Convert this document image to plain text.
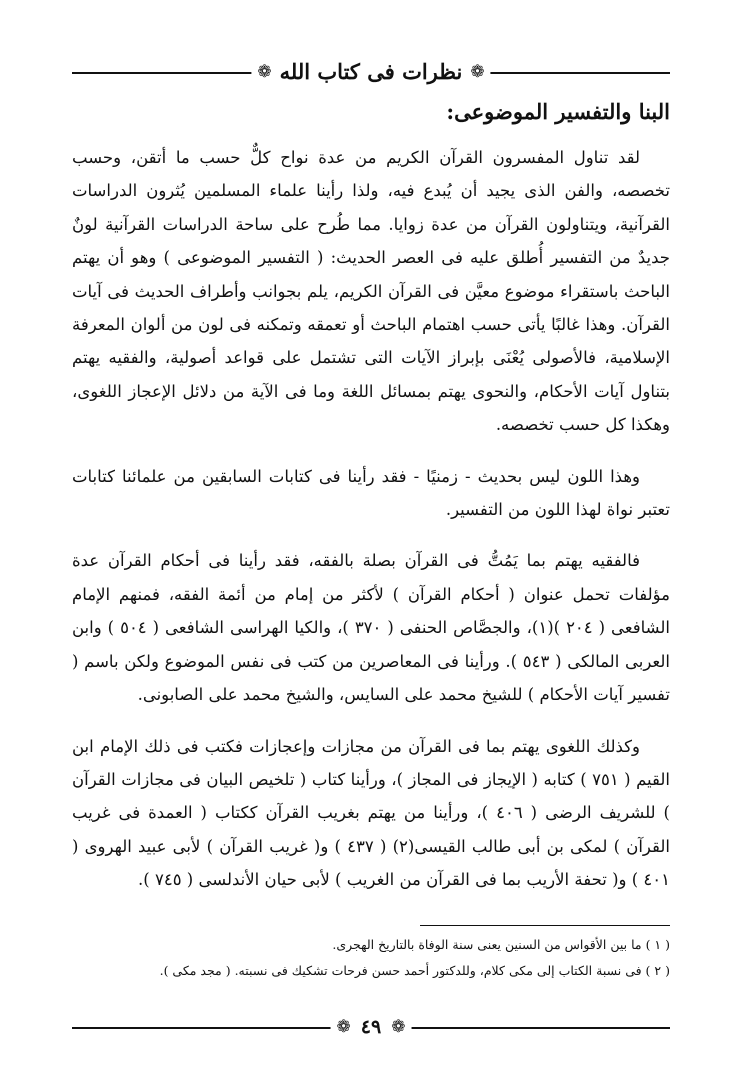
❁
نظرات فى كتاب الله
❁
البنا والتفسير الموضوعى:

لقد تناول المفسرون القرآن الكريم من عدة نواح كلٌّ حسب ما أتقن، وحسب تخصصه، والفن الذى يجيد أن يُبدع فيه، ولذا رأينا علماء المسلمين يُثرون الدراسات القرآنية، ويتناولون القرآن من عدة زوايا. مما طُرح على ساحة الدراسات القرآنية لونٌ جديدٌ من التفسير أُطلق عليه فى العصر الحديث: ( التفسير الموضوعى ) وهو أن يهتم الباحث باستقراء موضوع معيَّن فى القرآن الكريم، يلم بجوانب وأطراف الحديث فى آيات القرآن. وهذا غالبًا يأتى حسب اهتمام الباحث أو تعمقه وتمكنه فى لون من ألوان المعرفة الإسلامية، فالأصولى يُعْنَى بإبراز الآيات التى تشتمل على قواعد أصولية، والفقيه يهتم بتناول آيات الأحكام، والنحوى يهتم بمسائل اللغة وما فى الآية من دلائل الإعجاز اللغوى، وهكذا كل حسب تخصصه.

وهذا اللون ليس بحديث - زمنيًا - فقد رأينا فى كتابات السابقين من علمائنا كتابات تعتبر نواة لهذا اللون من التفسير.

فالفقيه يهتم بما يَمُتُّ فى القرآن بصلة بالفقه، فقد رأينا فى أحكام القرآن عدة مؤلفات تحمل عنوان ( أحكام القرآن ) لأكثر من إمام من أئمة الفقه، فمنهم الإمام الشافعى ( ٢٠٤ )(١)، والجصَّاص الحنفى ( ٣٧٠ )، والكيا الهراسى الشافعى ( ٥٠٤ ) وابن العربى المالكى ( ٥٤٣ ). ورأينا فى المعاصرين من كتب فى نفس الموضوع ولكن باسم ( تفسير آيات الأحكام ) للشيخ محمد على السايس، والشيخ محمد على الصابونى.

وكذلك اللغوى يهتم بما فى القرآن من مجازات وإعجازات فكتب فى ذلك الإمام ابن القيم ( ٧٥١ ) كتابه ( الإيجاز فى المجاز )، ورأينا كتاب ( تلخيص البيان فى مجازات القرآن ) للشريف الرضى ( ٤٠٦ )، ورأينا من يهتم بغريب القرآن ككتاب ( العمدة فى غريب القرآن ) لمكى بن أبى طالب القيسى(٢) ( ٤٣٧ ) و( غريب القرآن ) لأبى عبيد الهروى ( ٤٠١ ) و( تحفة الأريب بما فى القرآن من الغريب ) لأبى حيان الأندلسى ( ٧٤٥ ).

( ١ ) ما بين الأقواس من السنين يعنى سنة الوفاة بالتاريخ الهجرى.

( ٢ ) فى نسبة الكتاب إلى مكى كلام، وللدكتور أحمد حسن فرحات تشكيك فى نسبته. ( مجد مكى ).

❁
٤٩
❁
